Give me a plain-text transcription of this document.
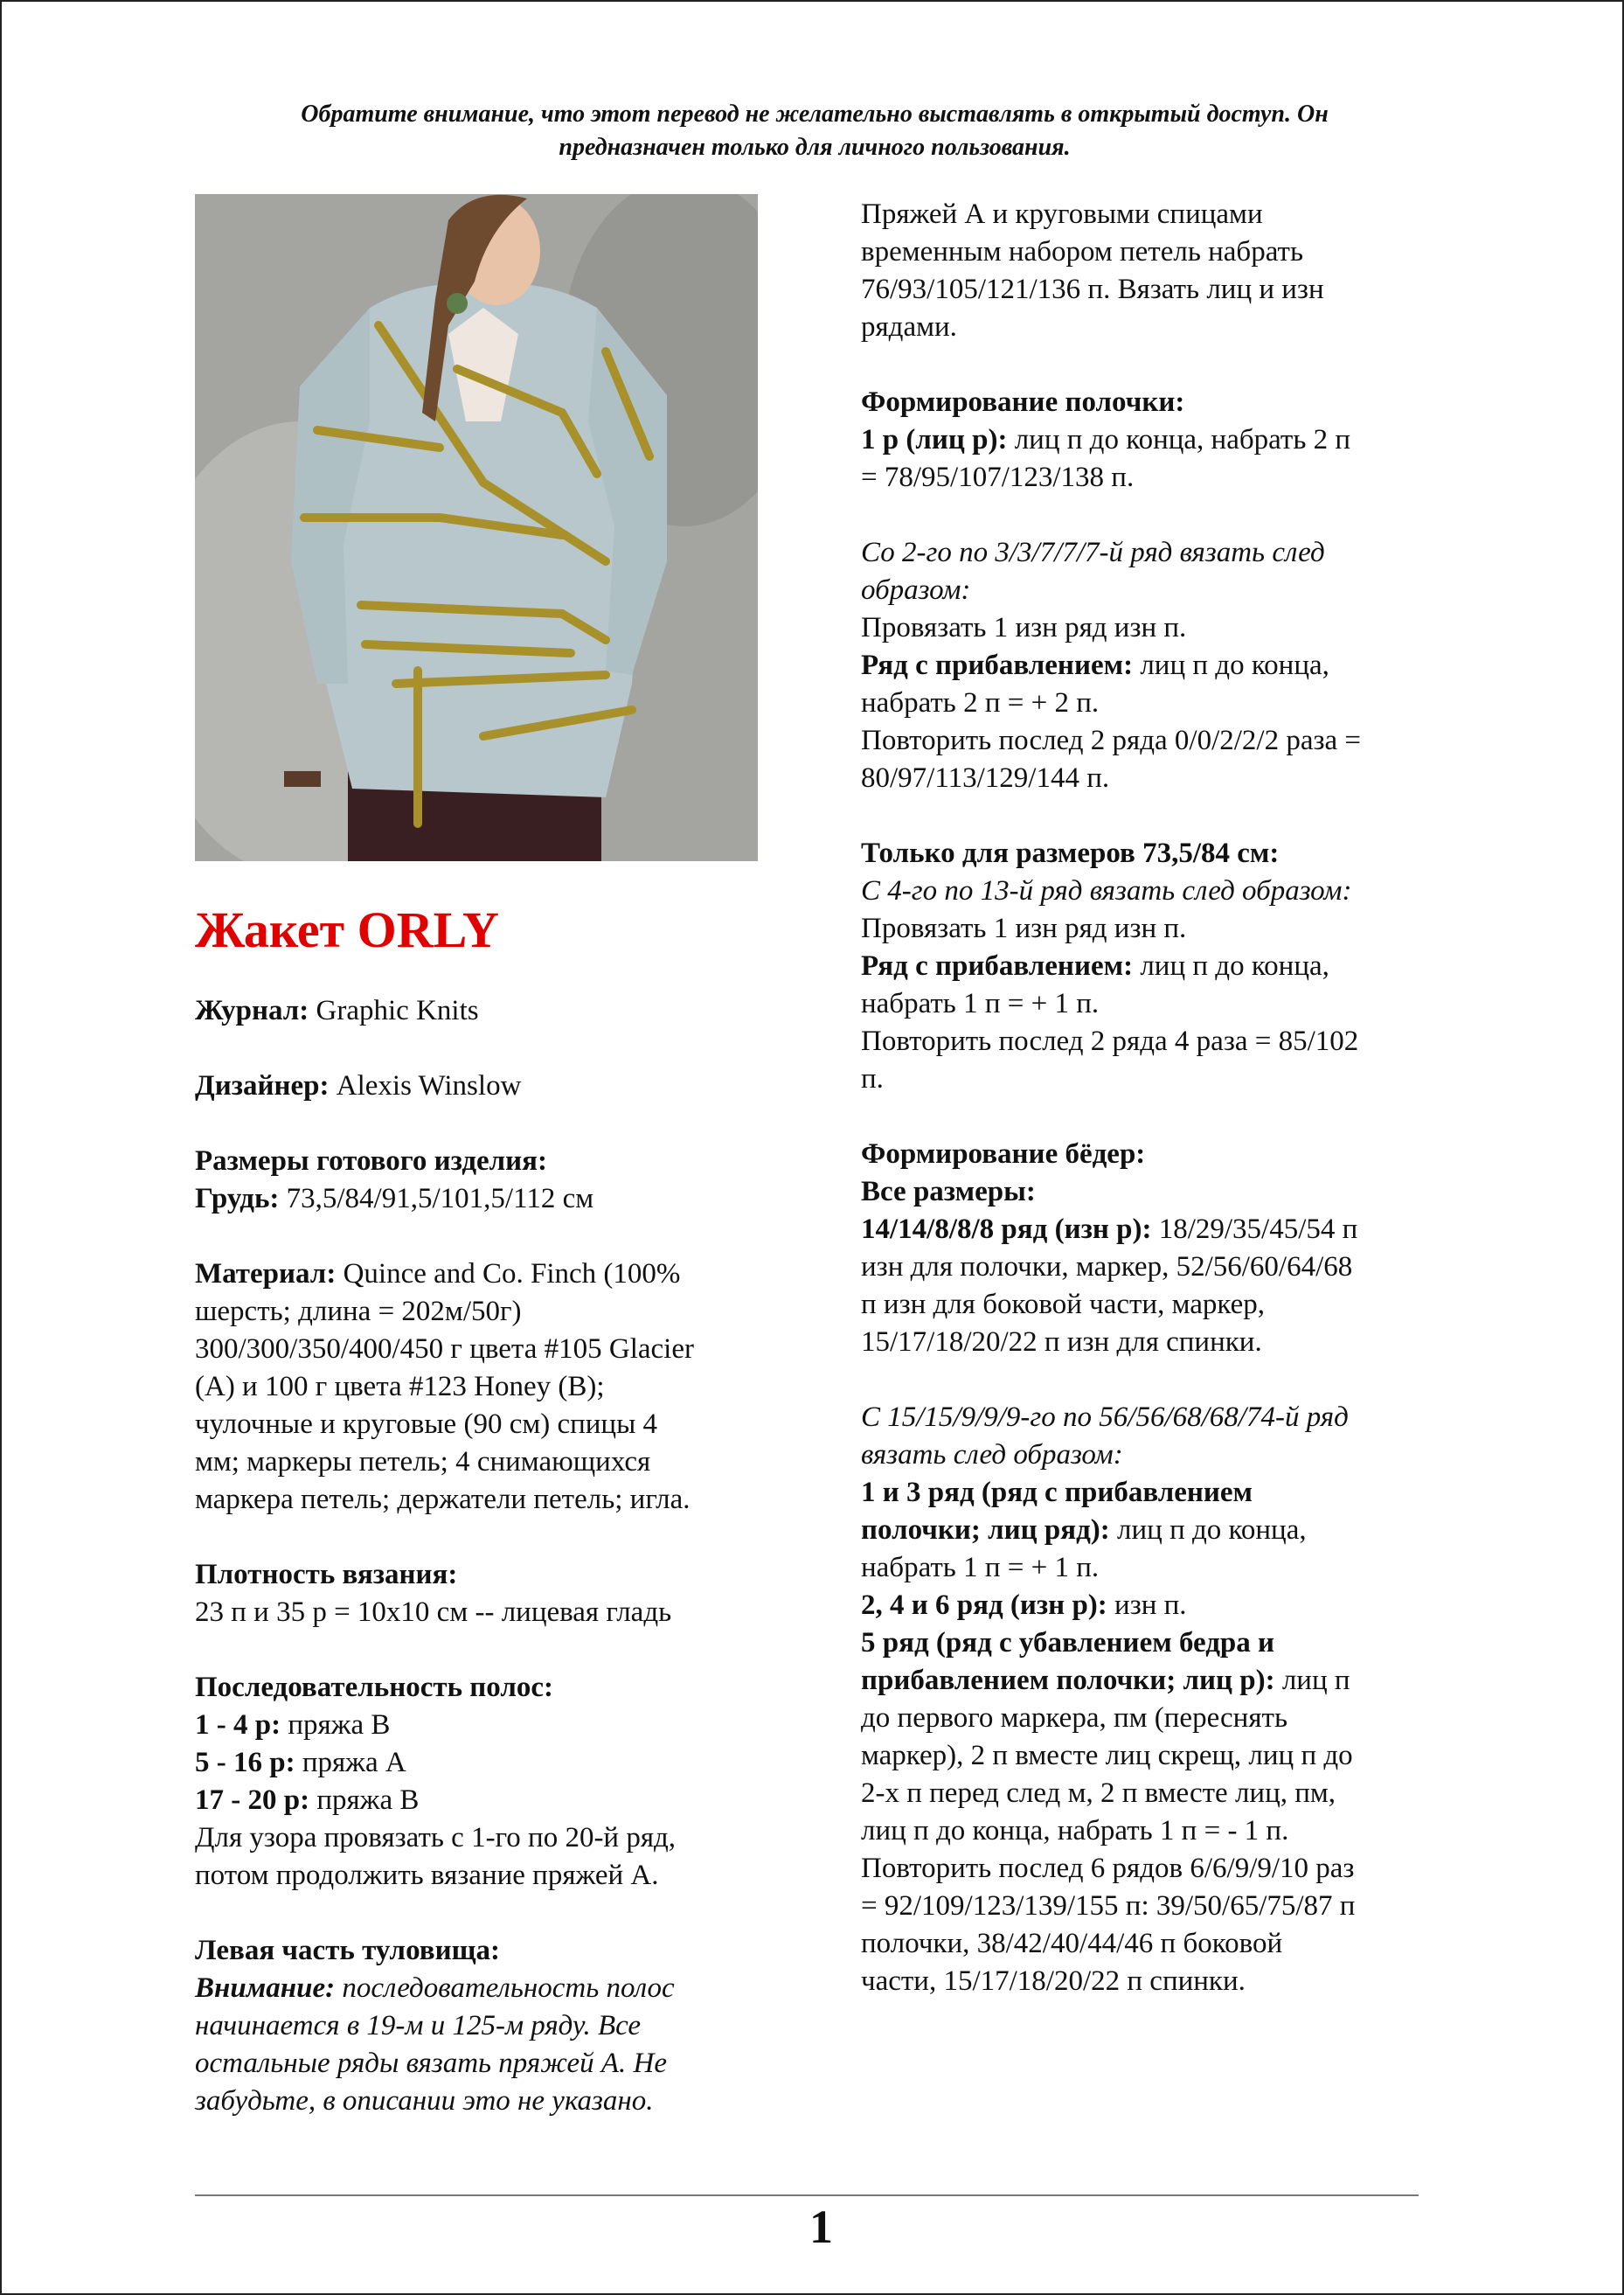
Обратите внимание, что этот перевод не желательно выставлять в открытый доступ. Он
предназначен только для личного пользования.
Жакет ORLY

Журнал: Graphic Knits

Дизайнер: Alexis Winslow

Размеры готового изделия:
Грудь: 73,5/84/91,5/101,5/112 см

Материал: Quince and Co. Finch (100%
шерсть; длина = 202м/50г)
300/300/350/400/450 г цвета #105 Glacier
(A) и 100 г цвета #123 Honey (B);
чулочные и круговые (90 см) спицы 4
мм; маркеры петель; 4 снимающихся
маркера петель; держатели петель; игла.

Плотность вязания:
23 п и 35 р = 10х10 см -- лицевая гладь

Последовательность полос:
1 - 4 р: пряжа B
5 - 16 р: пряжа A
17 - 20 р: пряжа B
Для узора провязать с 1-го по 20-й ряд,
потом продолжить вязание пряжей А.

Левая часть туловища:
Внимание: последовательность полос
начинается в 19-м и 125-м ряду. Все
остальные ряды вязать пряжей А. Не
забудьте, в описании это не указано.

Пряжей А и круговыми спицами
временным набором петель набрать
76/93/105/121/136 п. Вязать лиц и изн
рядами.

Формирование полочки:
1 р (лиц р): лиц п до конца, набрать 2 п
= 78/95/107/123/138 п.

Со 2-го по 3/3/7/7/7-й ряд вязать след
образом:
Провязать 1 изн ряд изн п.
Ряд с прибавлением: лиц п до конца,
набрать 2 п = + 2 п.
Повторить послед 2 ряда 0/0/2/2/2 раза =
80/97/113/129/144 п.

Только для размеров 73,5/84 см:
С 4-го по 13-й ряд вязать след образом:
Провязать 1 изн ряд изн п.
Ряд с прибавлением: лиц п до конца,
набрать 1 п = + 1 п.
Повторить послед 2 ряда 4 раза = 85/102
п.

Формирование бёдер:
Все размеры:
14/14/8/8/8 ряд (изн р): 18/29/35/45/54 п
изн для полочки, маркер, 52/56/60/64/68
п изн для боковой части, маркер,
15/17/18/20/22 п изн для спинки.

С 15/15/9/9/9-го по 56/56/68/68/74-й ряд
вязать след образом:
1 и 3 ряд (ряд с прибавлением
полочки; лиц ряд): лиц п до конца,
набрать 1 п = + 1 п.
2, 4 и 6 ряд (изн р): изн п.
5 ряд (ряд с убавлением бедра и
прибавлением полочки; лиц р): лиц п
до первого маркера, пм (переснять
маркер), 2 п вместе лиц скрещ, лиц п до
2-х п перед след м, 2 п вместе лиц, пм,
лиц п до конца, набрать 1 п = - 1 п.
Повторить послед 6 рядов 6/6/9/9/10 раз
= 92/109/123/139/155 п: 39/50/65/75/87 п
полочки, 38/42/40/44/46 п боковой
части, 15/17/18/20/22 п спинки.

1
